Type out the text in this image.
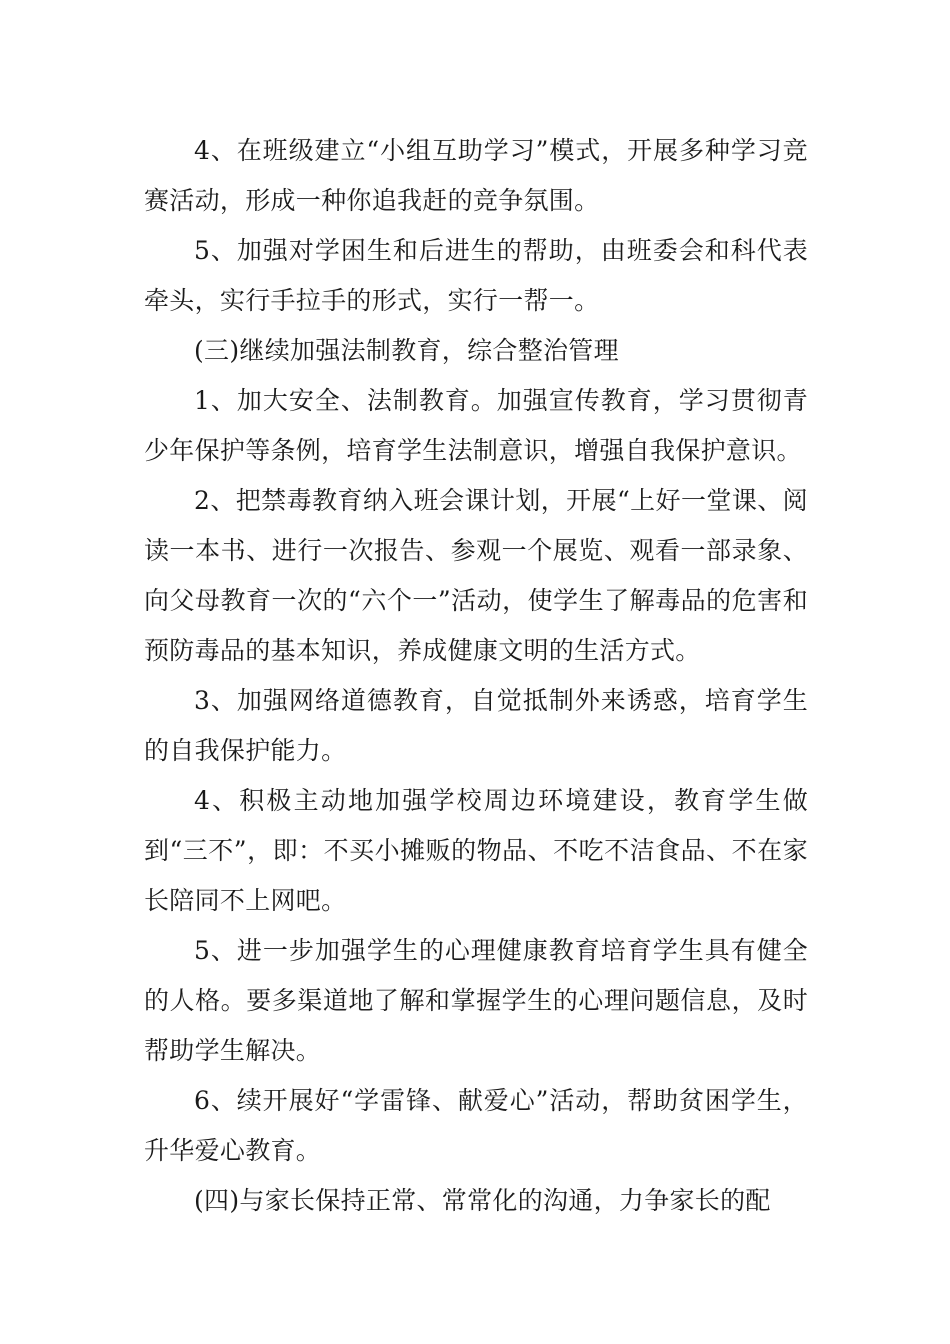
4、在班级建立“小组互助学习”模式，开展多种学习竞赛活动，形成一种你追我赶的竞争氛围。

5、加强对学困生和后进生的帮助，由班委会和科代表牵头，实行手拉手的形式，实行一帮一。

(三)继续加强法制教育，综合整治管理

1、加大安全、法制教育。加强宣传教育，学习贯彻青少年保护等条例，培育学生法制意识，增强自我保护意识。

2、把禁毒教育纳入班会课计划，开展“上好一堂课、阅读一本书、进行一次报告、参观一个展览、观看一部录象、向父母教育一次的“六个一”活动，使学生了解毒品的危害和预防毒品的基本知识，养成健康文明的生活方式。

3、加强网络道德教育，自觉抵制外来诱惑，培育学生的自我保护能力。

4、积极主动地加强学校周边环境建设，教育学生做到“三不”，即：不买小摊贩的物品、不吃不洁食品、不在家长陪同不上网吧。

5、进一步加强学生的心理健康教育培育学生具有健全的人格。要多渠道地了解和掌握学生的心理问题信息，及时帮助学生解决。

6、续开展好“学雷锋、献爱心”活动，帮助贫困学生，升华爱心教育。

(四)与家长保持正常、常常化的沟通，力争家长的配
